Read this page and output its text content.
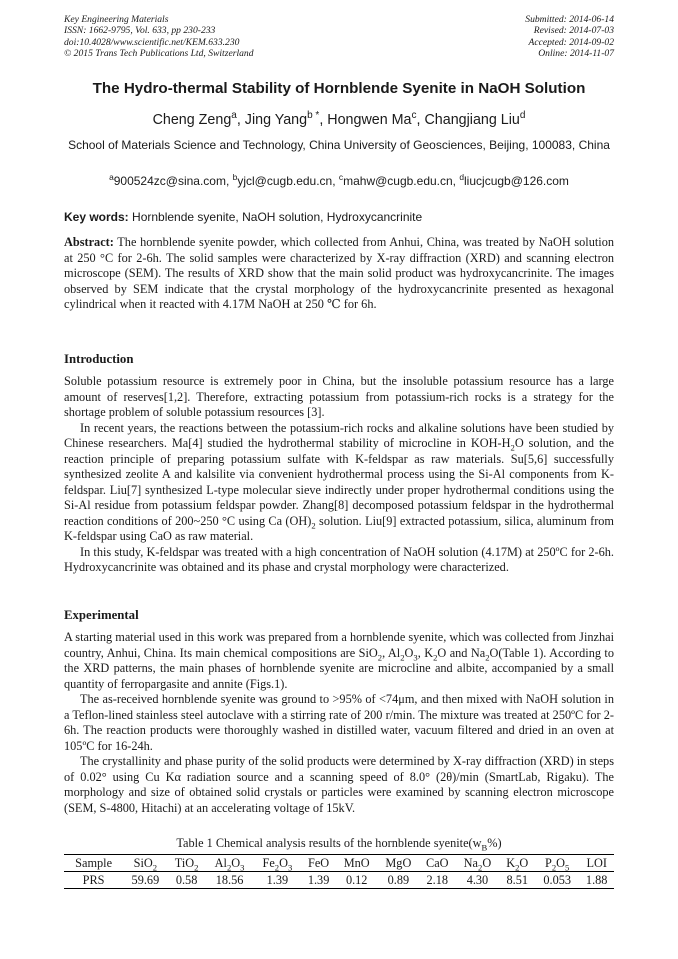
Key Engineering Materials
ISSN: 1662-9795, Vol. 633, pp 230-233
doi:10.4028/www.scientific.net/KEM.633.230
© 2015 Trans Tech Publications Ltd, Switzerland
Submitted: 2014-06-14
Revised: 2014-07-03
Accepted: 2014-09-02
Online: 2014-11-07
The Hydro-thermal Stability of Hornblende Syenite in NaOH Solution
Cheng Zeng$^a$, Jing Yang$^{b *}$, Hongwen Ma$^c$, Changjiang Liu$^d$
School of Materials Science and Technology, China University of Geosciences, Beijing, 100083, China
$^a$900524zc@sina.com, $^b$yjcl@cugb.edu.cn, $^c$mahw@cugb.edu.cn, $^d$liucjcugb@126.com
Key words: Hornblende syenite, NaOH solution, Hydroxycancrinite

Abstract: The hornblende syenite powder, which collected from Anhui, China, was treated by NaOH solution at 250 °C for 2-6h. The solid samples were characterized by X-ray diffraction (XRD) and scanning electron microscope (SEM). The results of XRD show that the main solid product was hydroxycancrinite. The images observed by SEM indicate that the crystal morphology of the hydroxycancrinite presented as hexagonal cylindrical when it reacted with 4.17M NaOH at 250 ℃ for 6h.

Introduction

Soluble potassium resource is extremely poor in China, but the insoluble potassium resource has a large amount of reserves[1,2]. Therefore, extracting potassium from potassium-rich rocks is a strategy for the shortage problem of soluble potassium resources [3].

In recent years, the reactions between the potassium-rich rocks and alkaline solutions have been studied by Chinese researchers. Ma[4] studied the hydrothermal stability of microcline in KOH-$H_2O$ solution, and the reaction principle of preparing potassium sulfate with K-feldspar as raw materials. Su[5,6] successfully synthesized zeolite A and kalsilite via convenient hydrothermal process using the Si-Al components from K-feldspar. Liu[7] synthesized L-type molecular sieve indirectly under proper hydrothermal conditions using the Si-Al residue from potassium feldspar powder. Zhang[8] decomposed potassium feldspar in the hydrothermal reaction conditions of 200~250 °C using Ca $(OH)_2$ solution. Liu[9] extracted potassium, silica, aluminum from K-feldspar using CaO as raw material.

In this study, K-feldspar was treated with a high concentration of NaOH solution (4.17M) at 250ºC for 2-6h. Hydroxycancrinite was obtained and its phase and crystal morphology were characterized.

Experimental

A starting material used in this work was prepared from a hornblende syenite, which was collected from Jinzhai country, Anhui, China. Its main chemical compositions are SiO$_2$, $Al_2O_3$, $K_2O$ and $Na_2O(Table$ 1). According to the XRD patterns, the main phases of hornblende syenite are microcline and albite, accompanied by a small quantity of ferropargasite and annite (Figs.1).

The as-received hornblende syenite was ground to >95% of <74μm, and then mixed with NaOH solution in a Teflon-lined stainless steel autoclave with a stirring rate of 200 r/min. The mixture was treated at 250ºC for 2-6h. The reaction products were thoroughly washed in distilled water, vacuum filtered and dried in an oven at 105ºC for 16-24h.

The crystallinity and phase purity of the solid products were determined by X-ray diffraction (XRD) in steps of 0.02° using Cu Kα radiation source and a scanning speed of 8.0° (2θ)/min (SmartLab, Rigaku). The morphology and size of obtained solid crystals or particles were examined by scanning electron microscope (SEM, S-4800, Hitachi) at an accelerating voltage of 15kV.

Table 1 Chemical analysis results of the hornblende $syenite(w_B\%)$
Sample	SiO$_2$	TiO$_2$	$Al_2O_3$	$Fe_2O_3$	FeO	MnO	MgO	CaO	$Na_2O$	$K_2O$	$P_2O_5$	LOI
PRS	59.69	0.58	18.56	1.39	1.39	0.12	0.89	2.18	4.30	8.51	0.053	1.88
